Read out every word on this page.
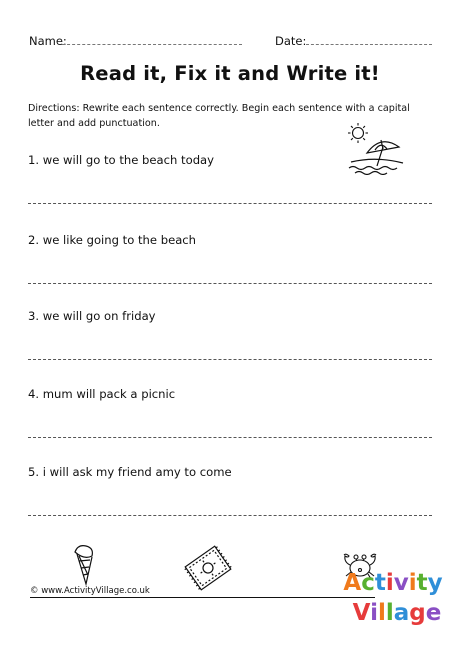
Name:	Date:
Read it, Fix it and Write it!
Directions: Rewrite each sentence correctly. Begin each sentence with a capital letter and add punctuation.
1. we will go to the beach today
2. we like going to the beach
3. we will go on friday
4. mum will pack a picnic
5. i will ask my friend amy to come
© www.ActivityVillage.co.uk	Activity
Village
